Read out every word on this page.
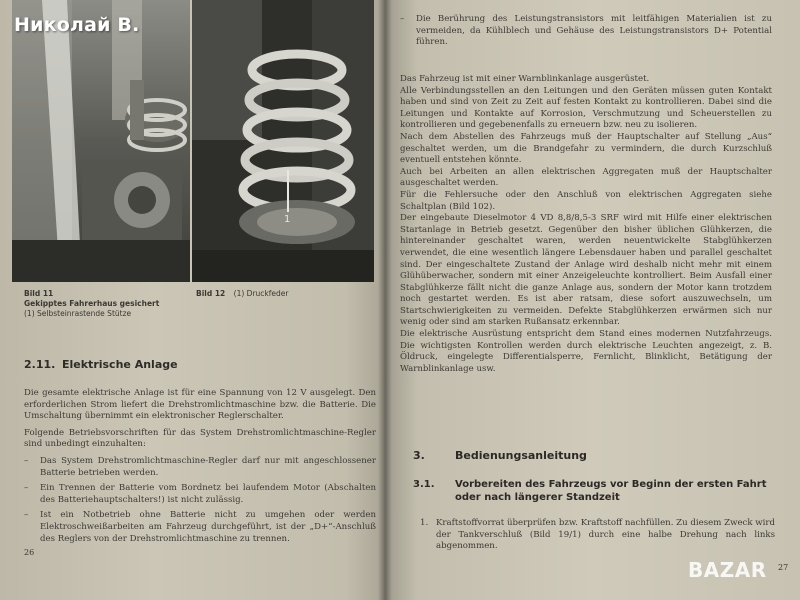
1
Николай В.
Bild 11
Gekipptes Fahrerhaus gesichert
(1) Selbsteinrastende Stütze
Bild 12 (1) Druckfeder
2.11. Elektrische Anlage

Die gesamte elektrische Anlage ist für eine Spannung von 12 V ausgelegt. Den erforderlichen Strom liefert die Drehstromlichtmaschine bzw. die Batterie. Die Umschaltung übernimmt ein elektronischer Reglerschalter.

Folgende Betriebsvorschriften für das System Drehstromlichtmaschine-Regler sind unbedingt einzuhalten:

– Das System Drehstromlichtmaschine-Regler darf nur mit angeschlossener Batterie betrieben werden.
– Ein Trennen der Batterie vom Bordnetz bei laufendem Motor (Abschalten des Batteriehauptschalters!) ist nicht zulässig.
– Ist ein Notbetrieb ohne Batterie nicht zu umgehen oder werden Elektroschweißarbeiten am Fahrzeug durchgeführt, ist der „D+“-Anschluß des Reglers von der Drehstromlichtmaschine zu trennen.
26
– Die Berührung des Leistungstransistors mit leitfähigen Materialien ist zu vermeiden, da Kühlblech und Gehäuse des Leistungstransistors D+ Potential führen.

Das Fahrzeug ist mit einer Warnblinkanlage ausgerüstet.

Alle Verbindungsstellen an den Leitungen und den Geräten müssen guten Kontakt haben und sind von Zeit zu Zeit auf festen Kontakt zu kontrollieren. Dabei sind die Leitungen und Kontakte auf Korrosion, Verschmutzung und Scheuerstellen zu kontrollieren und gegebenenfalls zu erneuern bzw. neu zu isolieren.

Nach dem Abstellen des Fahrzeugs muß der Hauptschalter auf Stellung „Aus“ geschaltet werden, um die Brandgefahr zu vermindern, die durch Kurzschluß eventuell entstehen könnte.

Auch bei Arbeiten an allen elektrischen Aggregaten muß der Hauptschalter ausgeschaltet werden.

Für die Fehlersuche oder den Anschluß von elektrischen Aggregaten siehe Schaltplan (Bild 102).

Der eingebaute Dieselmotor 4 VD 8,8/8,5-3 SRF wird mit Hilfe einer elektrischen Startanlage in Betrieb gesetzt. Gegenüber den bisher üblichen Glühkerzen, die hintereinander geschaltet waren, werden neuentwickelte Stabglühkerzen verwendet, die eine wesentlich längere Lebensdauer haben und parallel geschaltet sind. Der eingeschaltete Zustand der Anlage wird deshalb nicht mehr mit einem Glühüberwacher, sondern mit einer Anzeigeleuchte kontrolliert. Beim Ausfall einer Stabglühkerze fällt nicht die ganze Anlage aus, sondern der Motor kann trotzdem noch gestartet werden. Es ist aber ratsam, diese sofort auszuwechseln, um Startschwierigkeiten zu vermeiden. Defekte Stabglühkerzen erwärmen sich nur wenig oder sind am starken Rußansatz erkennbar.

Die elektrische Ausrüstung entspricht dem Stand eines modernen Nutzfahrzeugs. Die wichtigsten Kontrollen werden durch elektrische Leuchten angezeigt, z. B. Öldruck, eingelegte Differentialsperre, Fernlicht, Blinklicht, Betätigung der Warnblinkanlage usw.

3.	Bedienungsanleitung
3.1. Vorbereiten des Fahrzeugs vor Beginn der ersten Fahrt oder nach längerer Standzeit
1. Kraftstoffvorrat überprüfen bzw. Kraftstoff nachfüllen. Zu diesem Zweck wird der Tankverschluß (Bild 19/1) durch eine halbe Drehung nach links abgenommen.
27
BAZAR
